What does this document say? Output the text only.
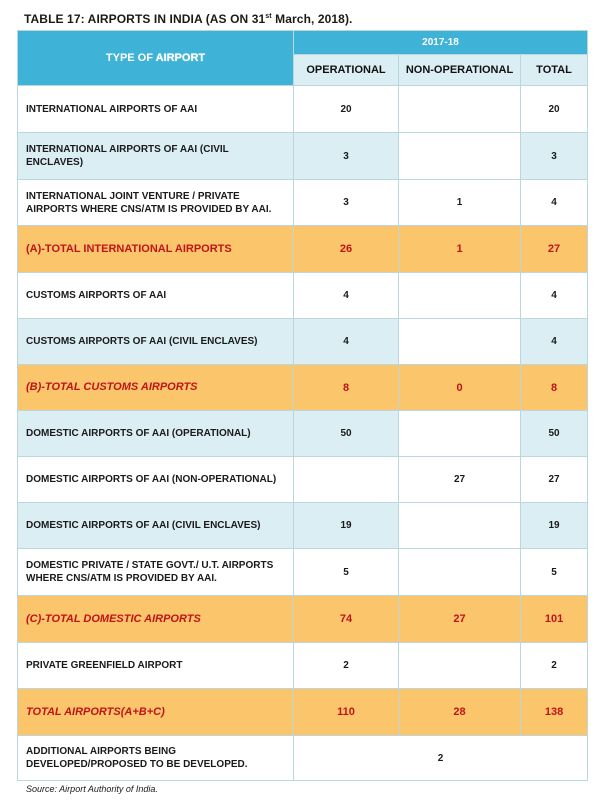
TABLE 17: AIRPORTS IN INDIA (AS ON 31st March, 2018).
TYPE OF AIRPORT	2017-18		
	OPERATIONAL	NON-OPERATIONAL	TOTAL
INTERNATIONAL AIRPORTS OF AAI	20		20
INTERNATIONAL AIRPORTS OF AAI (CIVIL ENCLAVES)	3		3
INTERNATIONAL JOINT VENTURE / PRIVATE AIRPORTS WHERE CNS/ATM IS PROVIDED BY AAI.	3	1	4
(A)-TOTAL INTERNATIONAL AIRPORTS	26	1	27
CUSTOMS AIRPORTS OF AAI	4		4
CUSTOMS AIRPORTS OF AAI (CIVIL ENCLAVES)	4		4
(B)-TOTAL CUSTOMS AIRPORTS	8	0	8
DOMESTIC AIRPORTS OF AAI (OPERATIONAL)	50		50
DOMESTIC AIRPORTS OF AAI (NON-OPERATIONAL)		27	27
DOMESTIC AIRPORTS OF AAI (CIVIL ENCLAVES)	19		19
DOMESTIC PRIVATE / STATE GOVT./ U.T. AIRPORTS WHERE CNS/ATM IS PROVIDED BY AAI.	5		5
(C)-TOTAL DOMESTIC AIRPORTS	74	27	101
PRIVATE GREENFIELD AIRPORT	2		2
TOTAL AIRPORTS(A+B+C)	110	28	138
ADDITIONAL AIRPORTS BEING DEVELOPED/PROPOSED TO BE DEVELOPED.	2		
Source: Airport Authority of India.
